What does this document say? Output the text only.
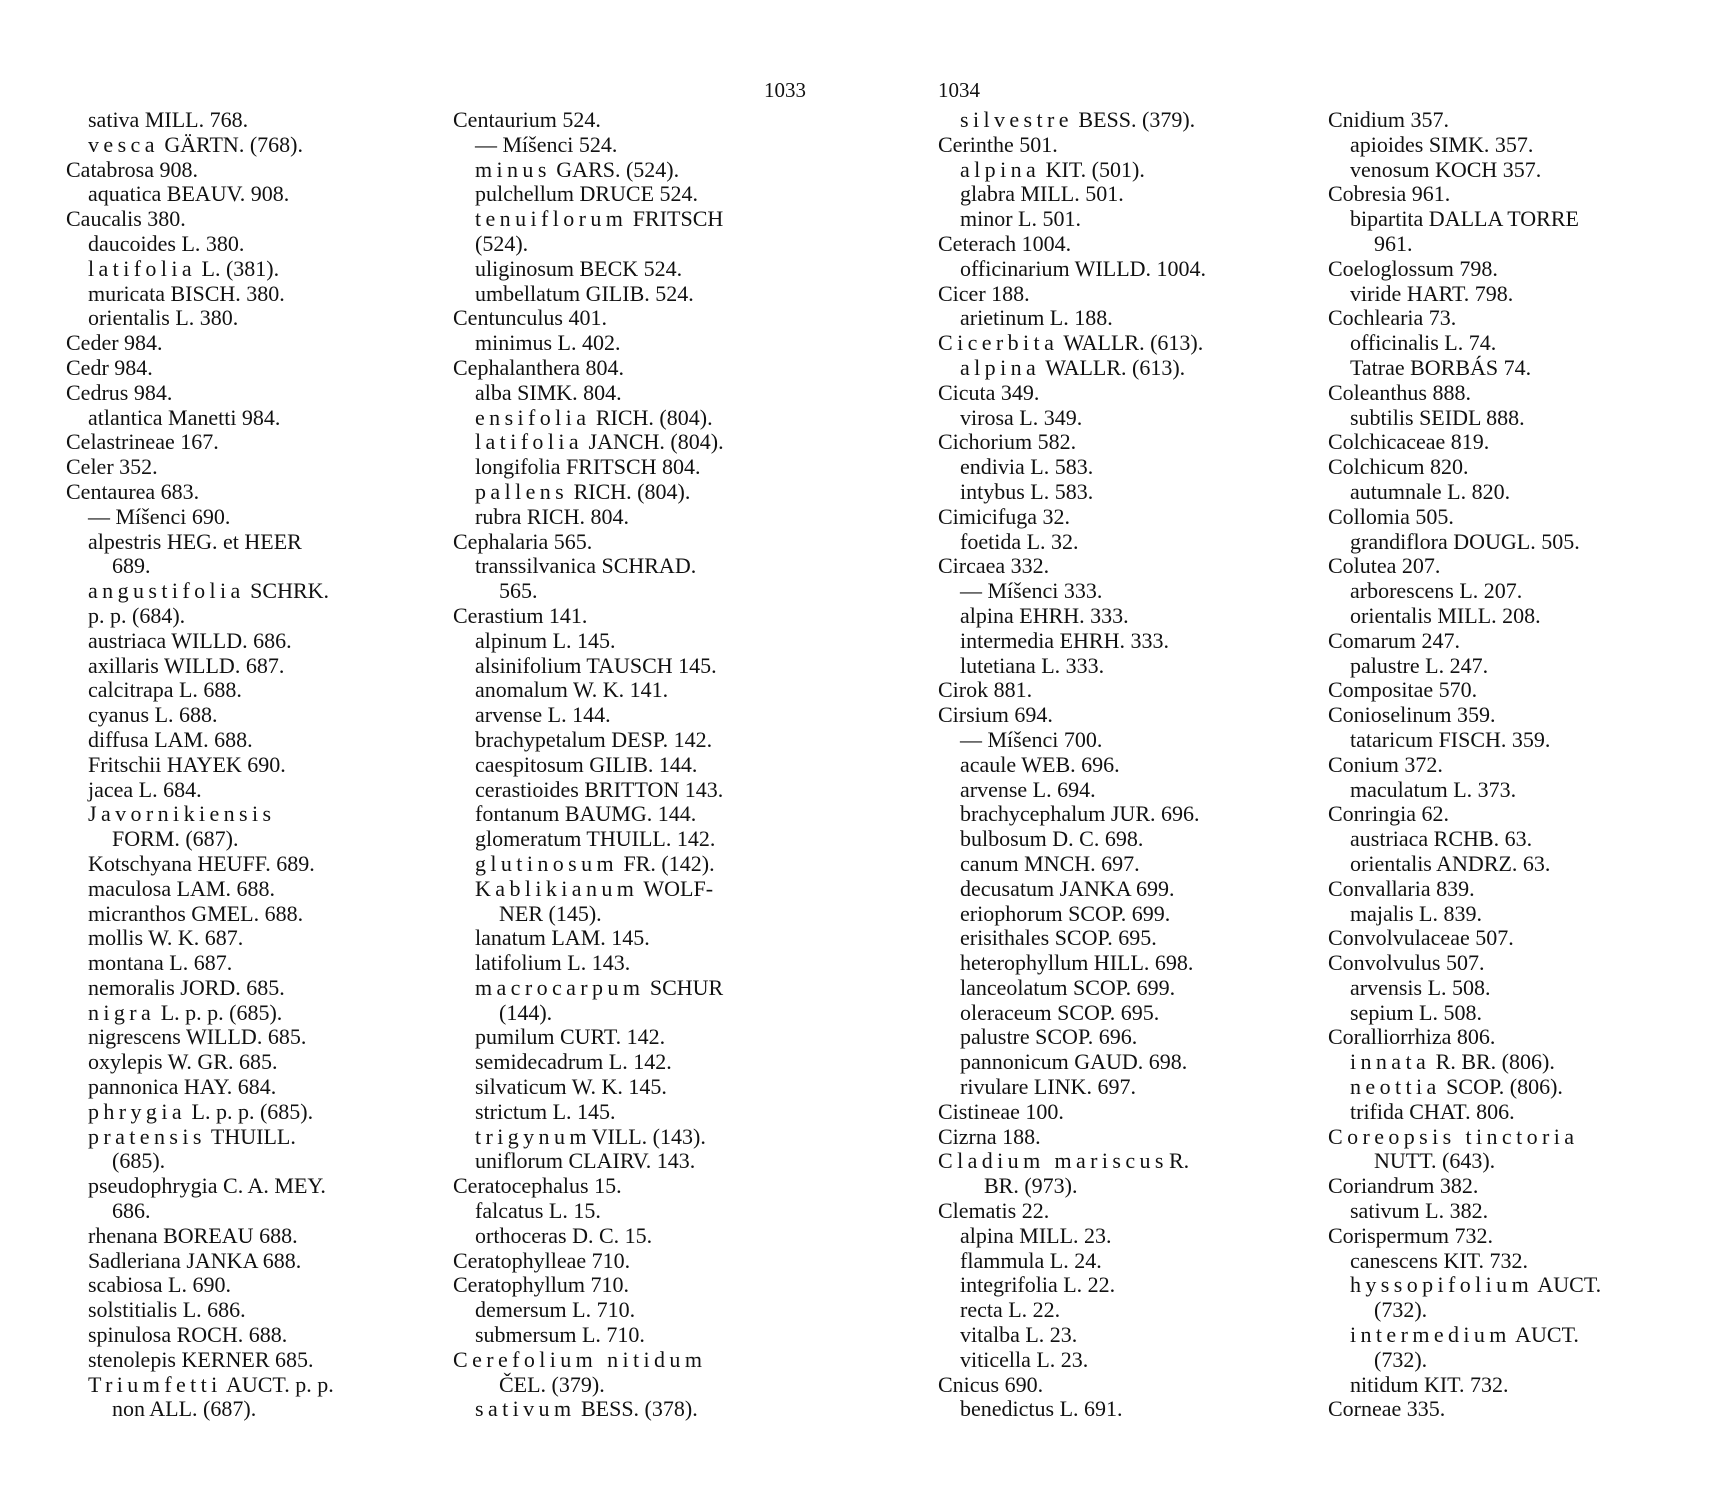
1033	1034
sativa MILL. 768.
vesca GÄRTN. (768).
Catabrosa 908.
aquatica BEAUV. 908.
Caucalis 380.
daucoides L. 380.
latifolia L. (381).
muricata BISCH. 380.
orientalis L. 380.
Ceder 984.
Cedr 984.
Cedrus 984.
atlantica Manetti 984.
Celastrineae 167.
Celer 352.
Centaurea 683.
— Míšenci 690.
alpestris HEG. et HEER
689.
angustifolia SCHRK.
p. p. (684).
austriaca WILLD. 686.
axillaris WILLD. 687.
calcitrapa L. 688.
cyanus L. 688.
diffusa LAM. 688.
Fritschii HAYEK 690.
jacea L. 684.
Javornikiensis
FORM. (687).
Kotschyana HEUFF. 689.
maculosa LAM. 688.
micranthos GMEL. 688.
mollis W. K. 687.
montana L. 687.
nemoralis JORD. 685.
nigra L. p. p. (685).
nigrescens WILLD. 685.
oxylepis W. GR. 685.
pannonica HAY. 684.
phrygia L. p. p. (685).
pratensis THUILL.
(685).
pseudophrygia C. A. MEY.
686.
rhenana BOREAU 688.
Sadleriana JANKA 688.
scabiosa L. 690.
solstitialis L. 686.
spinulosa ROCH. 688.
stenolepis KERNER 685.
Triumfetti AUCT. p. p.
non ALL. (687).
Centaurium 524.
— Míšenci 524.
minus GARS. (524).
pulchellum DRUCE 524.
tenuiflorum FRITSCH
(524).
uliginosum BECK 524.
umbellatum GILIB. 524.
Centunculus 401.
minimus L. 402.
Cephalanthera 804.
alba SIMK. 804.
ensifolia RICH. (804).
latifolia JANCH. (804).
longifolia FRITSCH 804.
pallens RICH. (804).
rubra RICH. 804.
Cephalaria 565.
transsilvanica SCHRAD.
565.
Cerastium 141.
alpinum L. 145.
alsinifolium TAUSCH 145.
anomalum W. K. 141.
arvense L. 144.
brachypetalum DESP. 142.
caespitosum GILIB. 144.
cerastioides BRITTON 143.
fontanum BAUMG. 144.
glomeratum THUILL. 142.
glutinosum FR. (142).
Kablikianum WOLF-
NER (145).
lanatum LAM. 145.
latifolium L. 143.
macrocarpum SCHUR
(144).
pumilum CURT. 142.
semidecadrum L. 142.
silvaticum W. K. 145.
strictum L. 145.
trigynum VILL. (143).
uniflorum CLAIRV. 143.
Ceratocephalus 15.
falcatus L. 15.
orthoceras D. C. 15.
Ceratophylleae 710.
Ceratophyllum 710.
demersum L. 710.
submersum L. 710.
Cerefolium nitidum
ČEL. (379).
sativum BESS. (378).
silvestre BESS. (379).
Cerinthe 501.
alpina KIT. (501).
glabra MILL. 501.
minor L. 501.
Ceterach 1004.
officinarium WILLD. 1004.
Cicer 188.
arietinum L. 188.
Cicerbita WALLR. (613).
alpina WALLR. (613).
Cicuta 349.
virosa L. 349.
Cichorium 582.
endivia L. 583.
intybus L. 583.
Cimicifuga 32.
foetida L. 32.
Circaea 332.
— Míšenci 333.
alpina EHRH. 333.
intermedia EHRH. 333.
lutetiana L. 333.
Cirok 881.
Cirsium 694.
— Míšenci 700.
acaule WEB. 696.
arvense L. 694.
brachycephalum JUR. 696.
bulbosum D. C. 698.
canum MNCH. 697.
decusatum JANKA 699.
eriophorum SCOP. 699.
erisithales SCOP. 695.
heterophyllum HILL. 698.
lanceolatum SCOP. 699.
oleraceum SCOP. 695.
palustre SCOP. 696.
pannonicum GAUD. 698.
rivulare LINK. 697.
Cistineae 100.
Cizrna 188.
Cladium mariscus R.
BR. (973).
Clematis 22.
alpina MILL. 23.
flammula L. 24.
integrifolia L. 22.
recta L. 22.
vitalba L. 23.
viticella L. 23.
Cnicus 690.
benedictus L. 691.
Cnidium 357.
apioides SIMK. 357.
venosum KOCH 357.
Cobresia 961.
bipartita DALLA TORRE
961.
Coeloglossum 798.
viride HART. 798.
Cochlearia 73.
officinalis L. 74.
Tatrae BORBÁS 74.
Coleanthus 888.
subtilis SEIDL 888.
Colchicaceae 819.
Colchicum 820.
autumnale L. 820.
Collomia 505.
grandiflora DOUGL. 505.
Colutea 207.
arborescens L. 207.
orientalis MILL. 208.
Comarum 247.
palustre L. 247.
Compositae 570.
Conioselinum 359.
tataricum FISCH. 359.
Conium 372.
maculatum L. 373.
Conringia 62.
austriaca RCHB. 63.
orientalis ANDRZ. 63.
Convallaria 839.
majalis L. 839.
Convolvulaceae 507.
Convolvulus 507.
arvensis L. 508.
sepium L. 508.
Coralliorrhiza 806.
innata R. BR. (806).
neottia SCOP. (806).
trifida CHAT. 806.
Coreopsis tinctoria
NUTT. (643).
Coriandrum 382.
sativum L. 382.
Corispermum 732.
canescens KIT. 732.
hyssopifolium AUCT.
(732).
intermedium AUCT.
(732).
nitidum KIT. 732.
Corneae 335.
